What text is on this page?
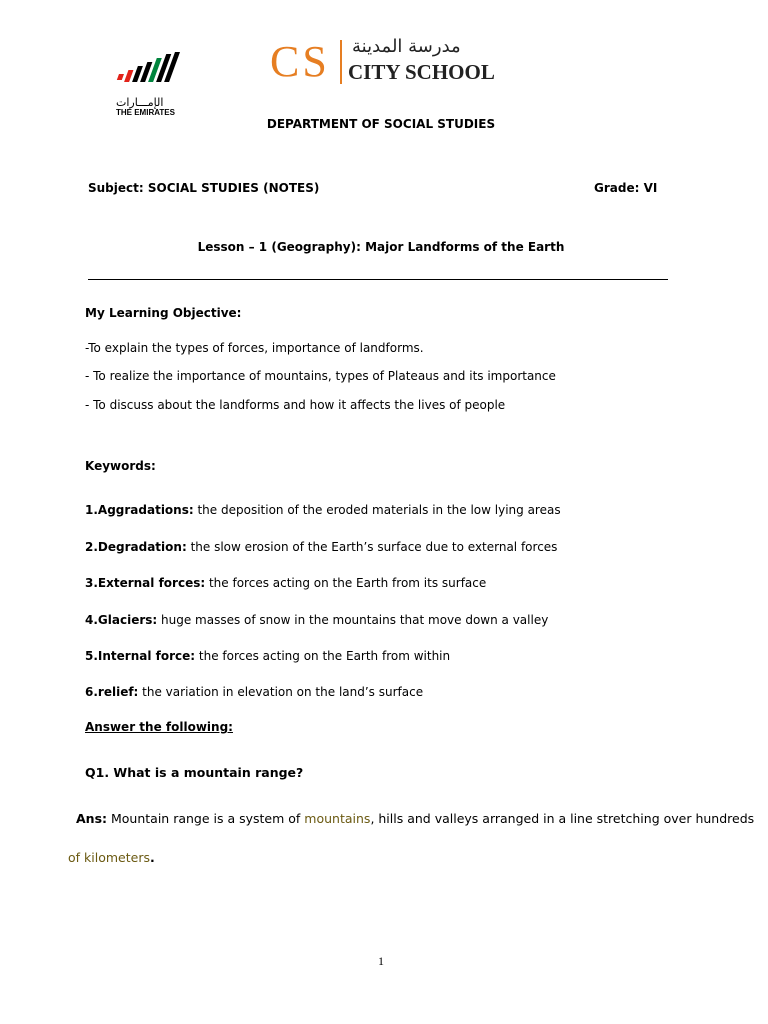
الإمـــارات
THE EMIRATES
CS مدرسة المدينة
CITY SCHOOL
DEPARTMENT OF SOCIAL STUDIES
Subject: SOCIAL STUDIES (NOTES)	Grade: VI
Lesson – 1 (Geography): Major Landforms of the Earth
My Learning Objective:
-To explain the types of forces, importance of landforms.
- To realize the importance of mountains, types of Plateaus and its importance
- To discuss about the landforms and how it affects the lives of people
Keywords:
1.Aggradations: the deposition of the eroded materials in the low lying areas
2.Degradation: the slow erosion of the Earth’s surface due to external forces
3.External forces: the forces acting on the Earth from its surface
4.Glaciers: huge masses of snow in the mountains that move down a valley
5.Internal force: the forces acting on the Earth from within
6.relief: the variation in elevation on the land’s surface
Answer the following:
Q1. What is a mountain range?
Ans: Mountain range is a system of mountains, hills and valleys arranged in a line stretching over hundreds
of kilometers.
1
